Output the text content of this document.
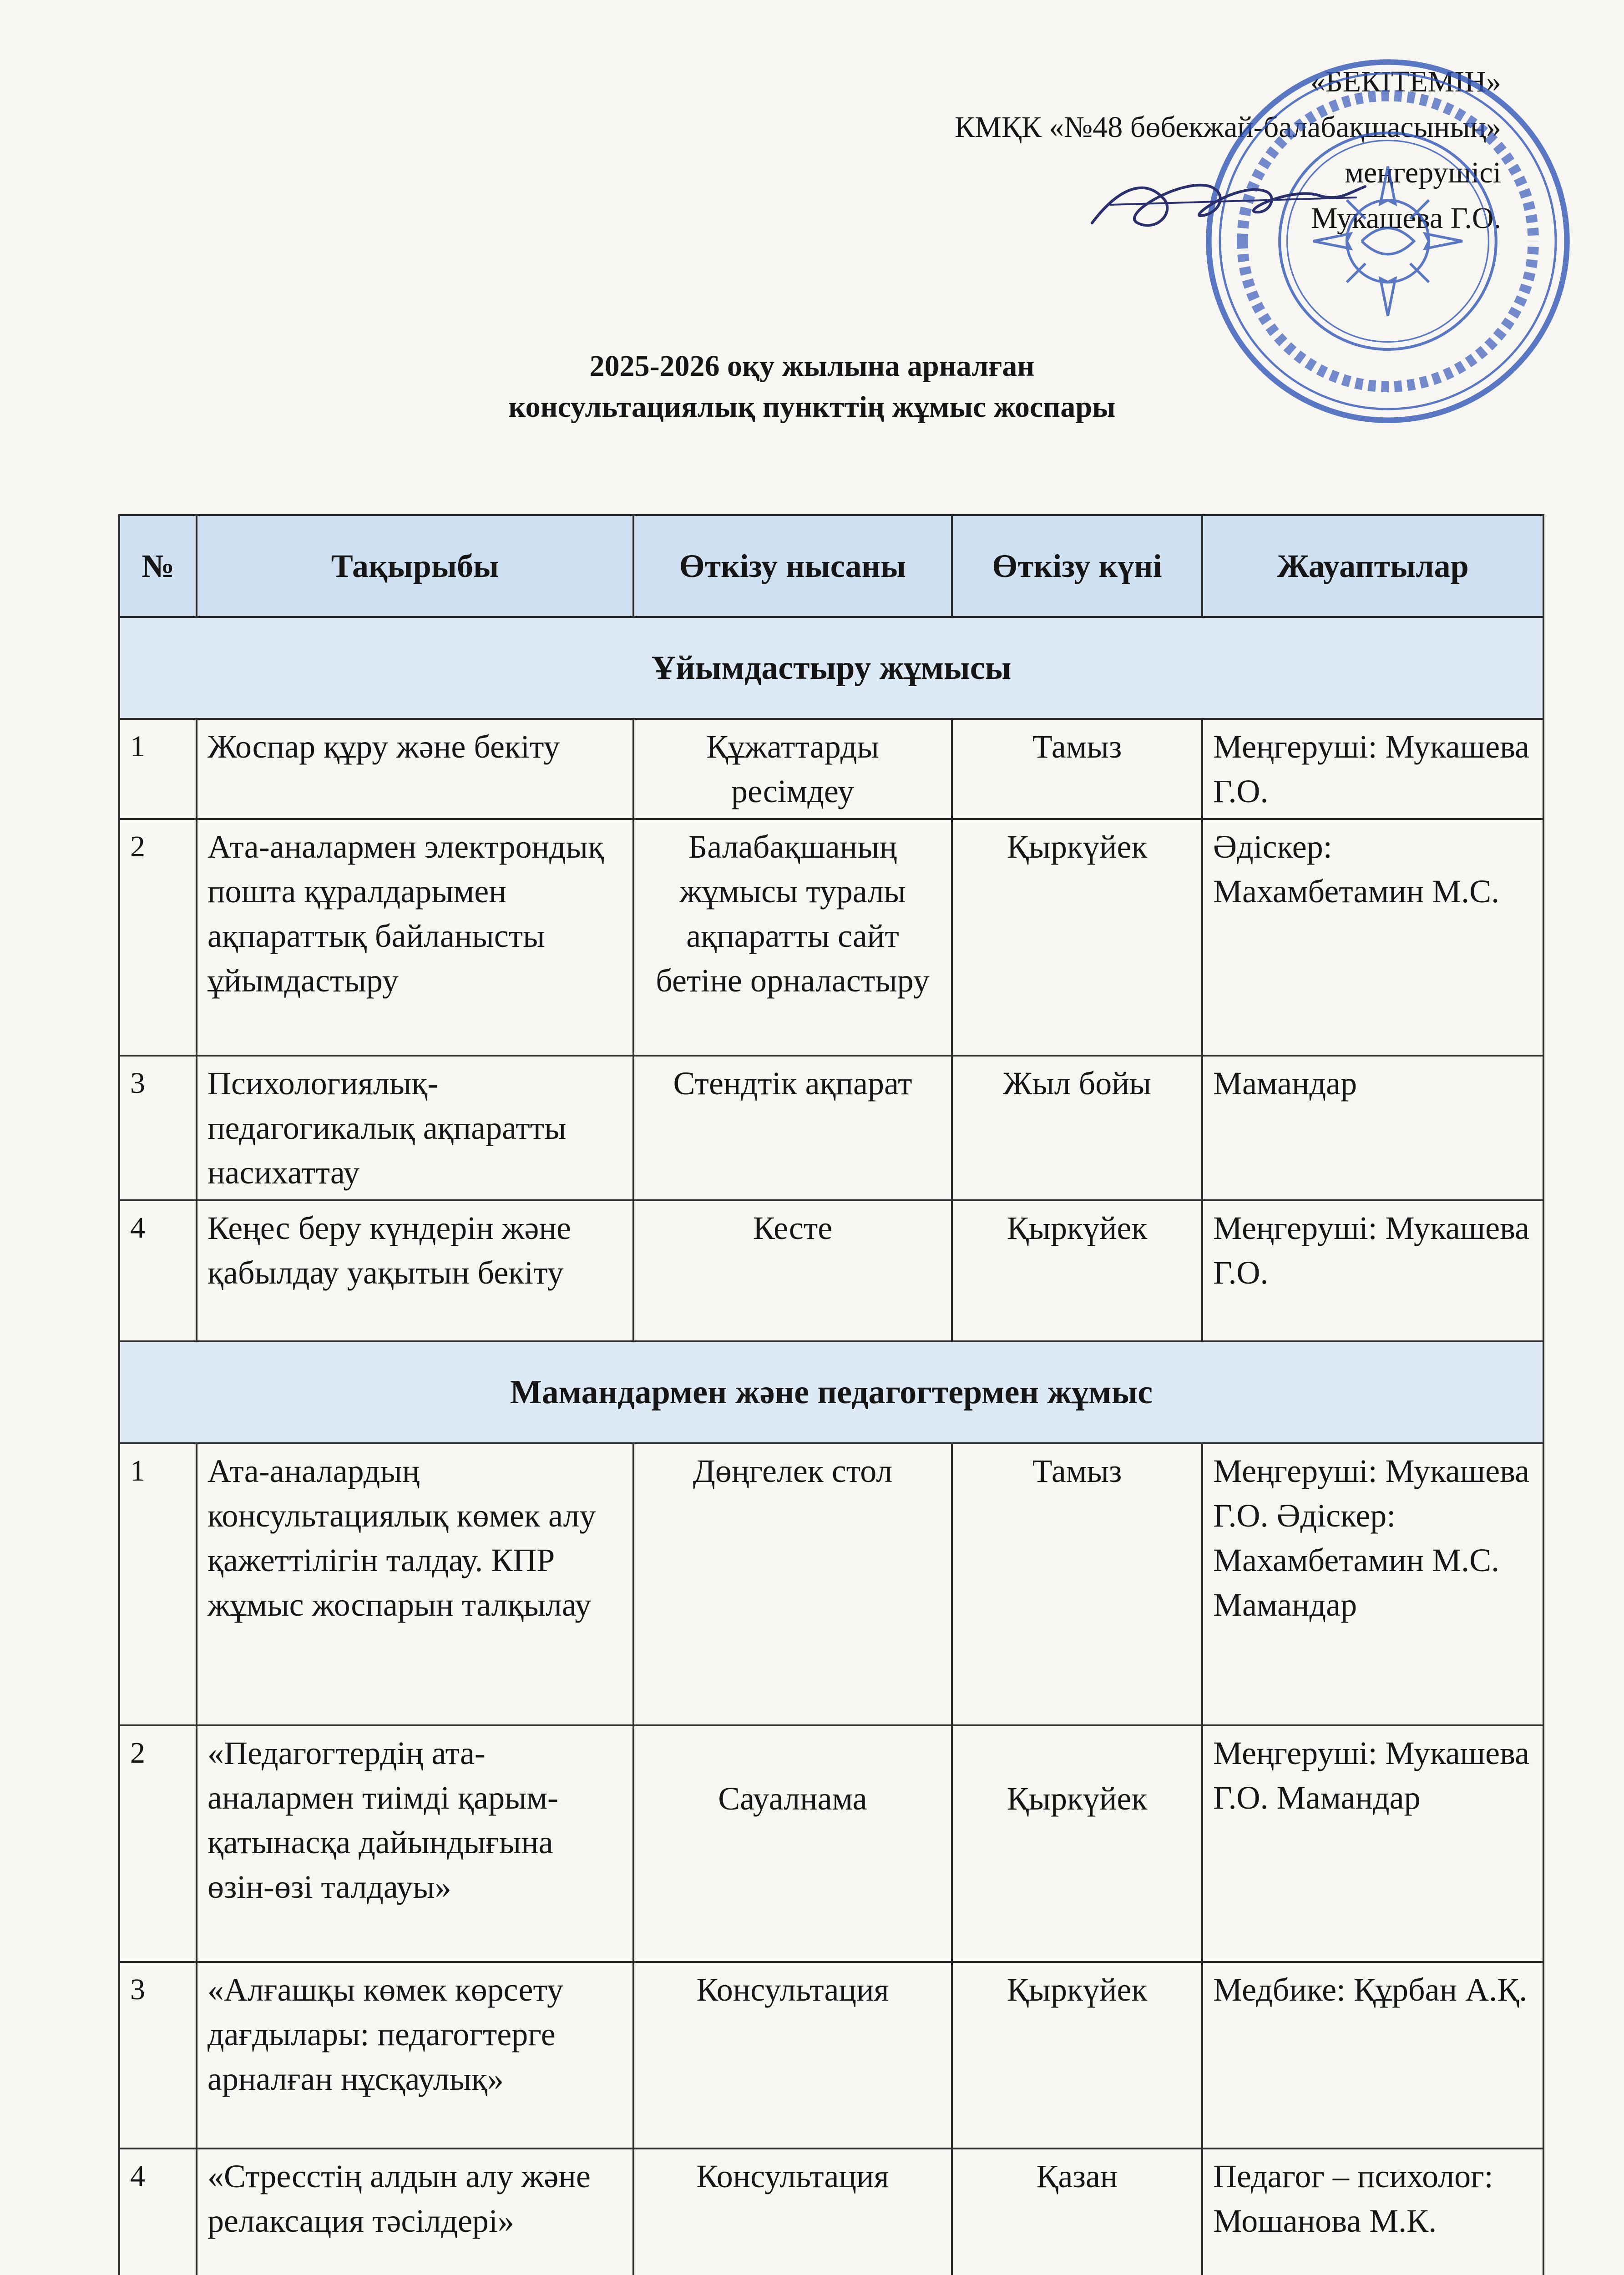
«БЕКІТЕМІН»
КМҚК «№48 бөбекжай-балабақшасының»
меңгерушісі
Мукашева Г.О.
2025-2026 оқу жылына арналған
консультациялық пункттің жұмыс жоспары
№	Тақырыбы	Өткізу нысаны	Өткізу күні	Жауаптылар
Ұйымдастыру жұмысы				
1	Жоспар құру және бекіту	Құжаттарды ресімдеу	Тамыз	Меңгеруші: Мукашева Г.О.
2	Ата-аналармен электрондық пошта құралдарымен ақпараттық байланысты ұйымдастыру	Балабақшаның жұмысы туралы ақпаратты сайт бетіне орналастыру	Қыркүйек	Әдіскер: Махамбетамин М.С.
3	Психологиялық-педагогикалық ақпаратты насихаттау	Стендтік ақпарат	Жыл бойы	Мамандар
4	Кеңес беру күндерін және қабылдау уақытын бекіту	Кесте	Қыркүйек	Меңгеруші: Мукашева Г.О.
Мамандармен және педагогтермен жұмыс				
1	Ата-аналардың консультациялық көмек алу қажеттілігін талдау. КПР жұмыс жоспарын талқылау	Дөңгелек стол	Тамыз	Меңгеруші: Мукашева Г.О. Әдіскер: Махамбетамин М.С. Мамандар
2	«Педагогтердің ата-аналармен тиімді қарым-қатынасқа дайындығына өзін-өзі талдауы»	Сауалнама	Қыркүйек	Меңгеруші: Мукашева Г.О. Мамандар
3	«Алғашқы көмек көрсету дағдылары: педагогтерге арналған нұсқаулық»	Консультация	Қыркүйек	Медбике: Құрбан А.Қ.
4	«Стресстің алдын алу және релаксация тәсілдері»	Консультация	Қазан	Педагог – психолог: Мошанова М.К.
